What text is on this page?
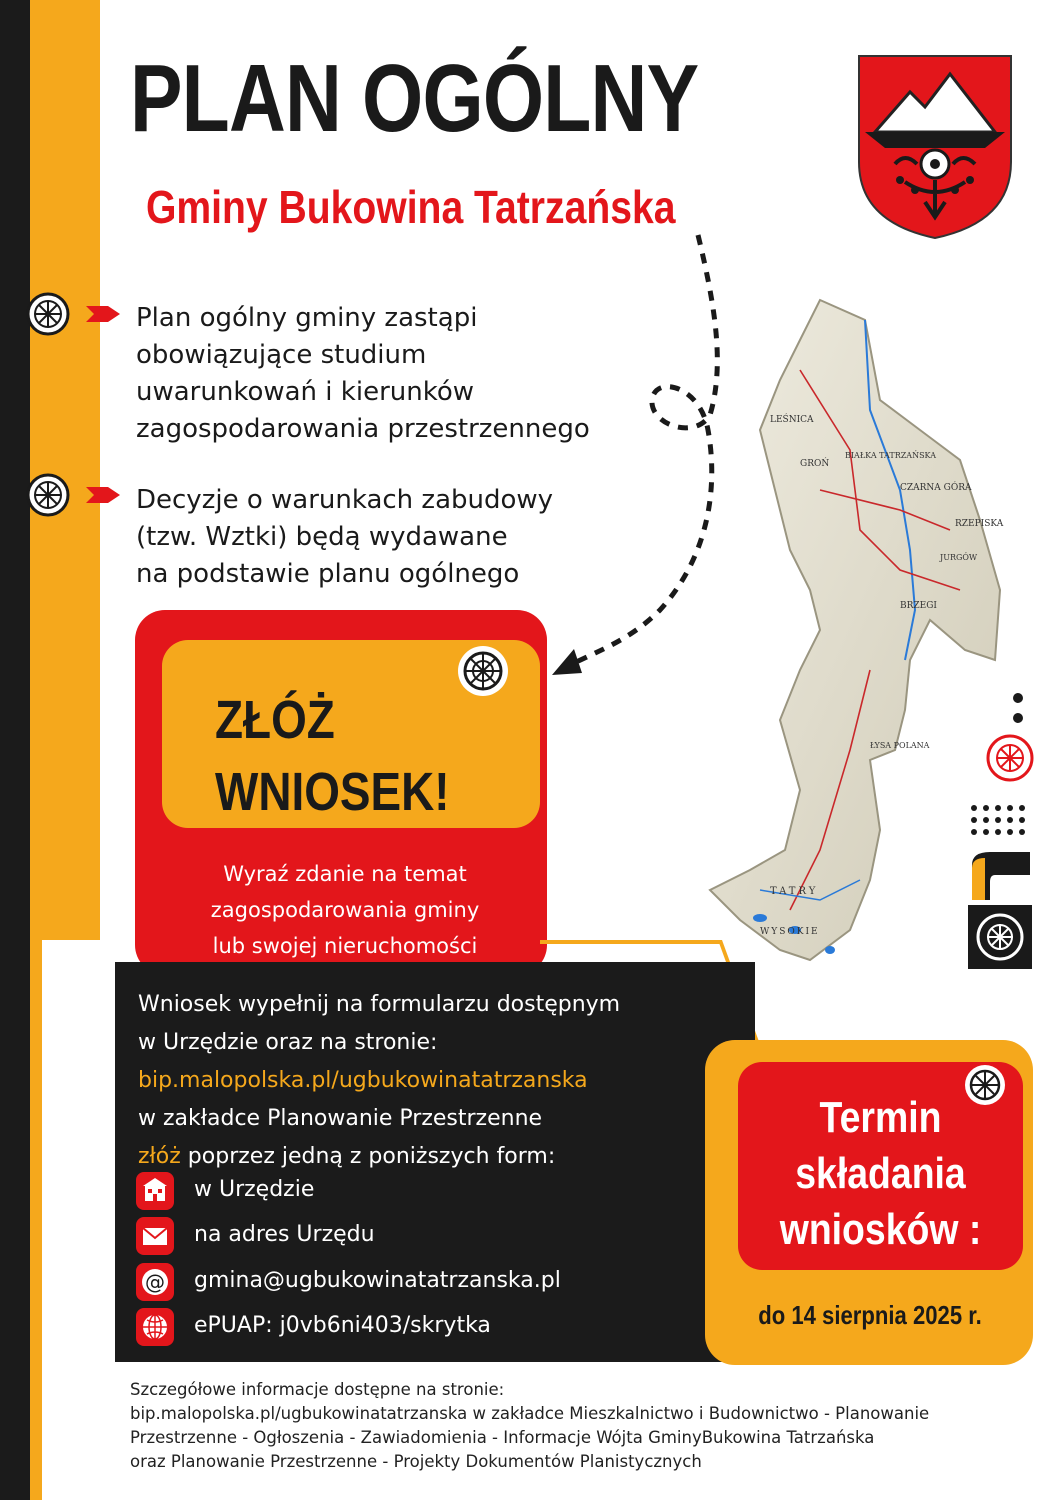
PLAN OGÓLNY
Gminy Bukowina Tatrzańska
Plan ogólny gminy zastąpi
obowiązujące studium
uwarunkowań i kierunków
zagospodarowania przestrzennego
Decyzje o warunkach zabudowy
(tzw. Wztki) będą wydawane
na podstawie planu ogólnego
LEŚNICA
GROŃ
BIAŁKA TATRZAŃSKA
CZARNA GÓRA
RZEPISKA
JURGÓW
BRZEGI
ŁYSA POLANA
TATRY
WYSOKIE
ZŁÓŻ
WNIOSEK!
Wyraź zdanie na temat
zagospodarowania gminy
lub swojej nieruchomości
Wniosek wypełnij na formularzu dostępnym
w Urzędzie oraz na stronie:
bip.malopolska.pl/ugbukowinatatrzanska
w zakładce Planowanie Przestrzenne
złóż poprzez jedną z poniższych form:
w Urzędzie
na adres Urzędu
@ gmina@ugbukowinatatrzanska.pl
ePUAP: j0vb6ni403/skrytka
Termin
składania
wniosków :
do 14 sierpnia 2025 r.
Szczegółowe informacje dostępne na stronie:
bip.malopolska.pl/ugbukowinatatrzanska w zakładce Mieszkalnictwo i Budownictwo - Planowanie
Przestrzenne - Ogłoszenia - Zawiadomienia - Informacje Wójta GminyBukowina Tatrzańska
oraz Planowanie Przestrzenne - Projekty Dokumentów Planistycznych
